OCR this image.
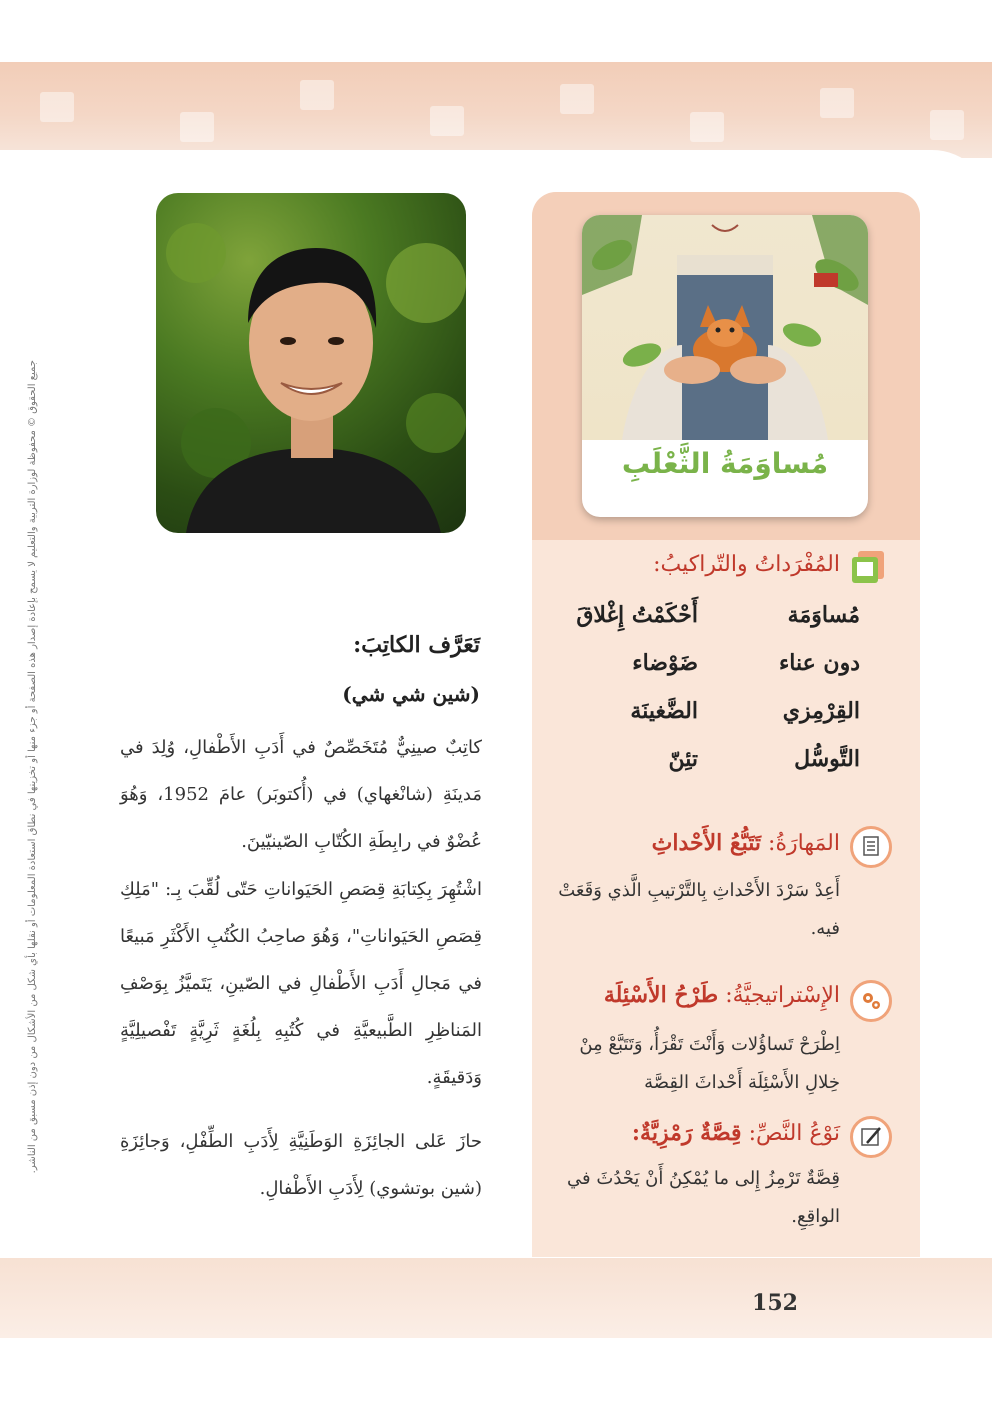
152
جميع الحقوق © محفوظة لوزارة التربية والتعليم لا يسمح بإعادة إصدار هذه الصفحة أو جزء منها أو تخزينها في نطاق استعادة المعلومات أو نقلها بأي شكل من الأشكال من دون إذن مسبق من الناشر.	مُساوَمَةُ الثَّعْلَبِ
المُفْرَداتُ والتّراكيبُ:
مُساوَمَة
أَحْكَمْتُ إِغْلاقَ
دون عناء
ضَوْضاء
القِرْمِزي
الضَّغينَة
التَّوسُّل
تئِنّ
المَهارَةُ: تَتَبُّعُ الأَحْداثِ
أَعِدْ سَرْدَ الأَحْداثِ بِالتَّرْتيبِ الَّذي وَقَعَتْ فيه.
الإِسْتراتيجيَّةُ: طَرْحُ الأَسْئِلَة
اِطْرَحْ تَساؤُلات وَأَنْتَ تَقْرَأُ، وَتَتَبَّعْ مِنْ خِلالِ الأَسْئِلَة أَحْداثَ القِصَّة
نَوْعُ النَّصِّ: قِصَّةٌ رَمْزِيَّةٌ:
قِصَّةٌ تَرْمِزُ إِلى ما يُمْكِنُ أَنْ يَحْدُثَ في الواقِعِ.
تَعَرَّف الكاتِبَ:
(شين شي شي)
كاتِبٌ صينِيٌّ مُتَخَصِّصٌ في أَدَبِ الأَطْفالِ، وُلِدَ في مَدينَةِ (شانْغهاي) في (أُكتوبَر) عامَ 1952، وَهُوَ عُضْوٌ في رابِطَةِ الكُتّابِ الصّينيّينَ.
اشْتُهِرَ بِكِتابَةِ قِصَصِ الحَيَواناتِ حَتّى لُقِّبَ بِـ: "مَلِكِ قِصَصِ الحَيَواناتِ"، وَهُوَ صاحِبُ الكُتُبِ الأَكْثَرِ مَبيعًا في مَجالِ أَدَبِ الأَطْفالِ في الصّينِ، يَتَميَّزُ بِوَصْفِ المَناظِرِ الطَّبيعيَّةِ في كُتُبِهِ بِلُغَةٍ ثَرِيَّةٍ تَفْصيلِيَّةٍ وَدَقيقَةٍ.
حازَ عَلى الجائِزَةِ الوَطَنِيَّةِ لِأَدَبِ الطِّفْلِ، وَجائِزَةِ (شين بوتشوي) لِأَدَبِ الأَطْفالِ.
